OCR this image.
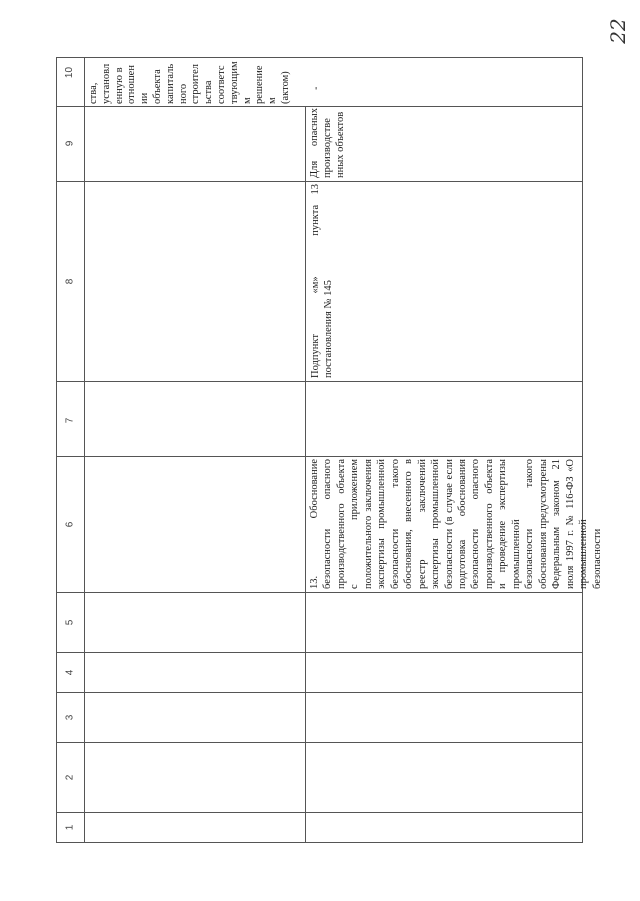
22
10
9
8
7
6
5
4
3
2
1
ства, установл енную в отношен ии объекта капиталь ного строител ьства соответс твующим м решение м (актом) -
Для опасных производстве нных объектов
Подпункт «м» пункта
13
постановления № 145
13. Обоснование безопасности опасного производственного объекта с приложением положительного заключения экспертизы промышленной безопасности такого обоснования, внесенного в реестр заключений экспертизы промышленной безопасности (в случае если подготовка обоснования безопасности опасного производственного объекта и проведение экспертизы промышленной безопасности такого обоснования предусмотрены Федеральным законом 21 июля 1997 г. № 116-ФЗ «О промышленной безопасности
